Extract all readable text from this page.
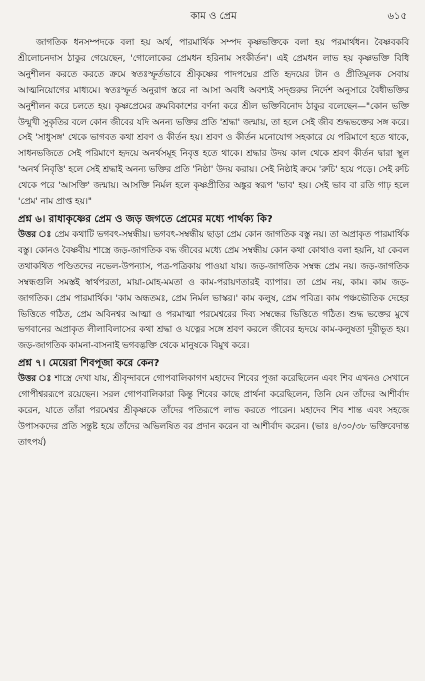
কাম ও প্রেম	৬১৫

জাগতিক ধনসম্পদকে বলা হয় অর্থ, পারমার্থিক সম্পদ কৃষ্ণভক্তিকে বলা হয় পরমার্থধন। বৈষ্ণবকবি শ্রীলোচনদাস ঠাকুর গেয়েছেন, 'গোলোকের প্রেমধন হরিনাম সংকীর্তন'। এই প্রেমধন লাভ হয় কৃষ্ণভক্তি বিধি অনুশীলন করতে করতে ক্রমে স্বতঃস্ফূর্তভাবে শ্রীকৃষ্ণের পাদপদ্মের প্রতি হৃদয়ের টান ও প্রীতিমূলক সেবায় আত্মনিয়োগের মাধ্যমে। স্বতঃস্ফূর্ত অনুরাগ স্তরে না আসা অবধি অবশ্যই সদ্‌গুরুর নির্দেশ অনুসারে বৈধীভক্তির অনুশীলন করে চলতে হয়। কৃষ্ণপ্রেমের ক্রমবিকাশের বর্ণনা করে শ্রীল ভক্তিবিনোদ ঠাকুর বলেছেন—"কোন ভক্তি উন্মুখী সুকৃতির বলে কোন জীবের যদি অনন্য ভক্তির প্রতি 'শ্রদ্ধা' জন্মায়, তা হলে সেই জীব শুদ্ধভক্তের সঙ্গ করে। সেই 'সাধুসঙ্গ' থেকে ভাগবত কথা শ্রবণ ও কীর্তন হয়। শ্রবণ ও কীর্তন মনোযোগ সহকারে যে পরিমাণে হতে থাকে, সাধনভজিতে সেই পরিমাণে হৃদয়ে অনর্থসমূহ নিবৃত্ত হতে থাকে। শ্রদ্ধার উদয় কাল থেকে শ্রবণ কীর্তন দ্বারা স্থূল 'অনর্থ নিবৃত্তি' হলে সেই শ্রদ্ধাই অনন্য ভক্তির প্রতি 'নিষ্ঠা' উদয় করায়। সেই নিষ্ঠাই ক্রমে 'রুচি' হয়ে পড়ে। সেই রুচি থেকে পরে 'আসক্তি' জন্মায়। আসক্তি নির্মল হলে কৃষ্ণপ্রীতির অঙ্কুর স্বরূপ 'ভাব' হয়। সেই ভাব বা রতি গাঢ় হলে 'প্রেম' নাম প্রাপ্ত হয়।"

প্রশ্ন ৬। রাধাকৃষ্ণের প্রেম ও জড় জগতে প্রেমের মধ্যে পার্থক্য কি?

উত্তর ঃ প্রেম কথাটি ভগবৎ-সম্বন্ধীয়। ভগবৎ-সম্বন্ধীয় ছাড়া প্রেম কোন জাগতিক বস্তু নয়। তা অপ্রাকৃত পারমার্থিক বস্তু। কোনও বৈষ্ণবীয় শাস্ত্রে জড়-জাগতিক বদ্ধ জীবের মধ্যে প্রেম সম্বন্ধীয় কোন কথা কোথাও বলা হয়নি, যা কেবল তথাকথিত পণ্ডিতদের নভেল-উপন্যাস, পত্র-পত্রিকায় পাওয়া যায়। জড়-জাগতিক সম্বন্ধ প্রেম নয়। জড়-জাগতিক সম্বন্ধগুলি সমস্তই স্বার্থপরতা, মায়া-মোহ-মমতা ও কাম-পরায়ণতারই ব্যাপার। তা প্রেম নয়, কাম। কাম জড়-জাগতিক। প্রেম পারমার্থিক। 'কাম অন্ধতমঃ, প্রেম নির্মল ভাস্কর।' কাম কলুষ, প্রেম পবিত্র। কাম পঞ্চভৌতিক দেহের ভিত্তিতে গঠিত, প্রেম অবিনশ্বর আত্মা ও পরমাত্মা পরমেশ্বরের দিব্য সম্বন্ধের ভিত্তিতে গঠিত। শুদ্ধ ভক্তের মুখে ভগবানের অপ্রাকৃত লীলাবিলাসের কথা শ্রদ্ধা ও যত্নের সঙ্গে শ্রবণ করলে জীবের হৃদয়ে কাম-কলুষতা দূরীভূত হয়। জড়-জাগতিক কামনা-বাসনাই ভগবদ্ভক্তি থেকে মানুষকে বিমুখ করে।

প্রশ্ন ৭। মেয়েরা শিবপূজা করে কেন?

উত্তর ঃ শাস্ত্রে দেখা যায়, শ্রীবৃন্দাবনে গোপবালিকাগণ মহাদেব শিবের পূজা করেছিলেন এবং শিব এখনও সেখানে গোপীশ্বররূপে রয়েছেন। সরল গোপবালিকারা কিন্তু শিবের কাছে প্রার্থনা করেছিলেন, তিনি যেন তাঁদের আশীর্বাদ করেন, যাতে তাঁরা পরমেশ্বর শ্রীকৃষ্ণকে তাঁদের পতিরূপে লাভ করতে পারেন। মহাদেব শিব শান্ত এবং সহজে উপাসকদের প্রতি সন্তুষ্ট হয়ে তাঁদের অভিলষিত বর প্রদান করেন বা আশীর্বাদ করেন। (ভাঃ ৪/৩০/৩৮ ভক্তিবেদান্ত তাৎপর্য)
